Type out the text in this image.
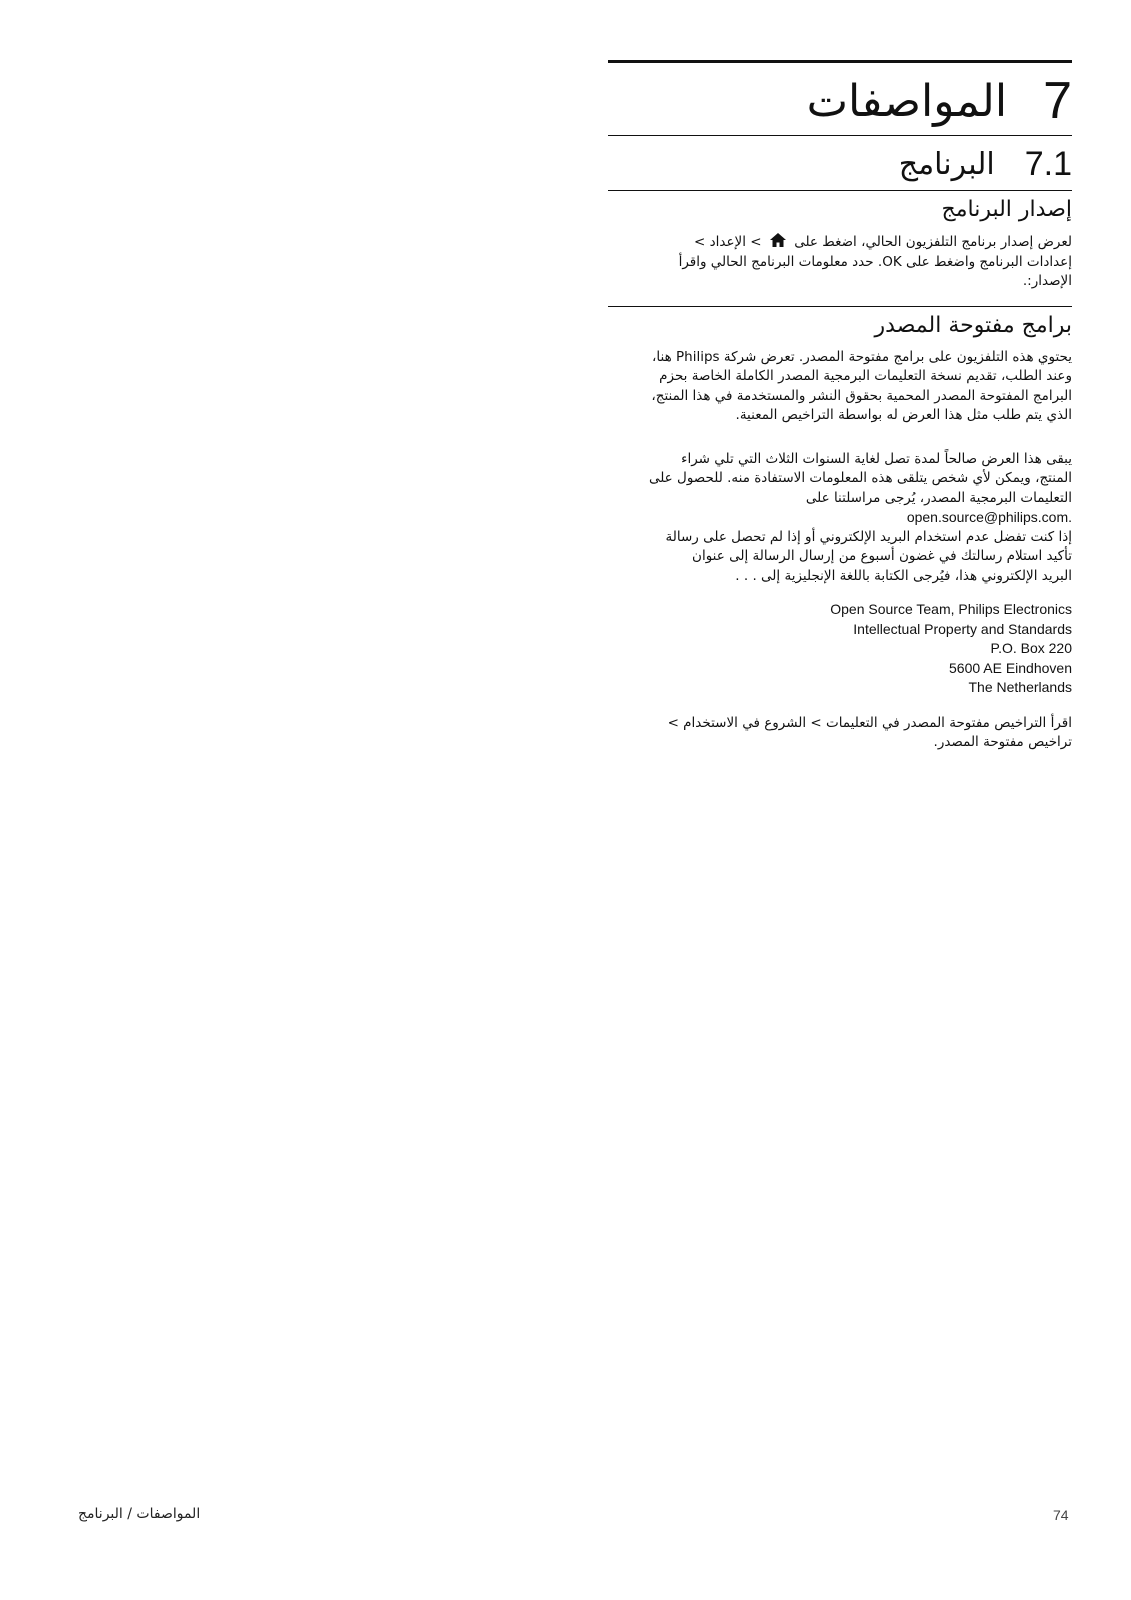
7
المواصفات
7.1
البرنامج
إصدار البرنامج

لعرض إصدار برنامج التلفزيون الحالي، اضغط على  > الإعداد >

إعدادات البرنامج واضغط على OK. حدد معلومات البرنامج الحالي واقرأ

الإصدار:.

برامج مفتوحة المصدر

يحتوي هذه التلفزيون على برامج مفتوحة المصدر. تعرض شركة Philips هنا،

وعند الطلب، تقديم نسخة التعليمات البرمجية المصدر الكاملة الخاصة بحزم

البرامج المفتوحة المصدر المحمية بحقوق النشر والمستخدمة في هذا المنتج،

الذي يتم طلب مثل هذا العرض له بواسطة التراخيص المعنية.

يبقى هذا العرض صالحاً لمدة تصل لغاية السنوات الثلاث التي تلي شراء

المنتج، ويمكن لأي شخص يتلقى هذه المعلومات الاستفادة منه. للحصول على

التعليمات البرمجية المصدر، يُرجى مراسلتنا على

open.source@philips.com.

إذا كنت تفضل عدم استخدام البريد الإلكتروني أو إذا لم تحصل على رسالة

تأكيد استلام رسالتك في غضون أسبوع من إرسال الرسالة إلى عنوان

البريد الإلكتروني هذا، فيُرجى الكتابة باللغة الإنجليزية إلى . . .

Open Source Team, Philips Electronics

Intellectual Property and Standards

P.O. Box 220

5600 AE Eindhoven

The Netherlands

اقرأ التراخيص مفتوحة المصدر في التعليمات > الشروع في الاستخدام >

تراخيص مفتوحة المصدر.

74
المواصفات / البرنامج
